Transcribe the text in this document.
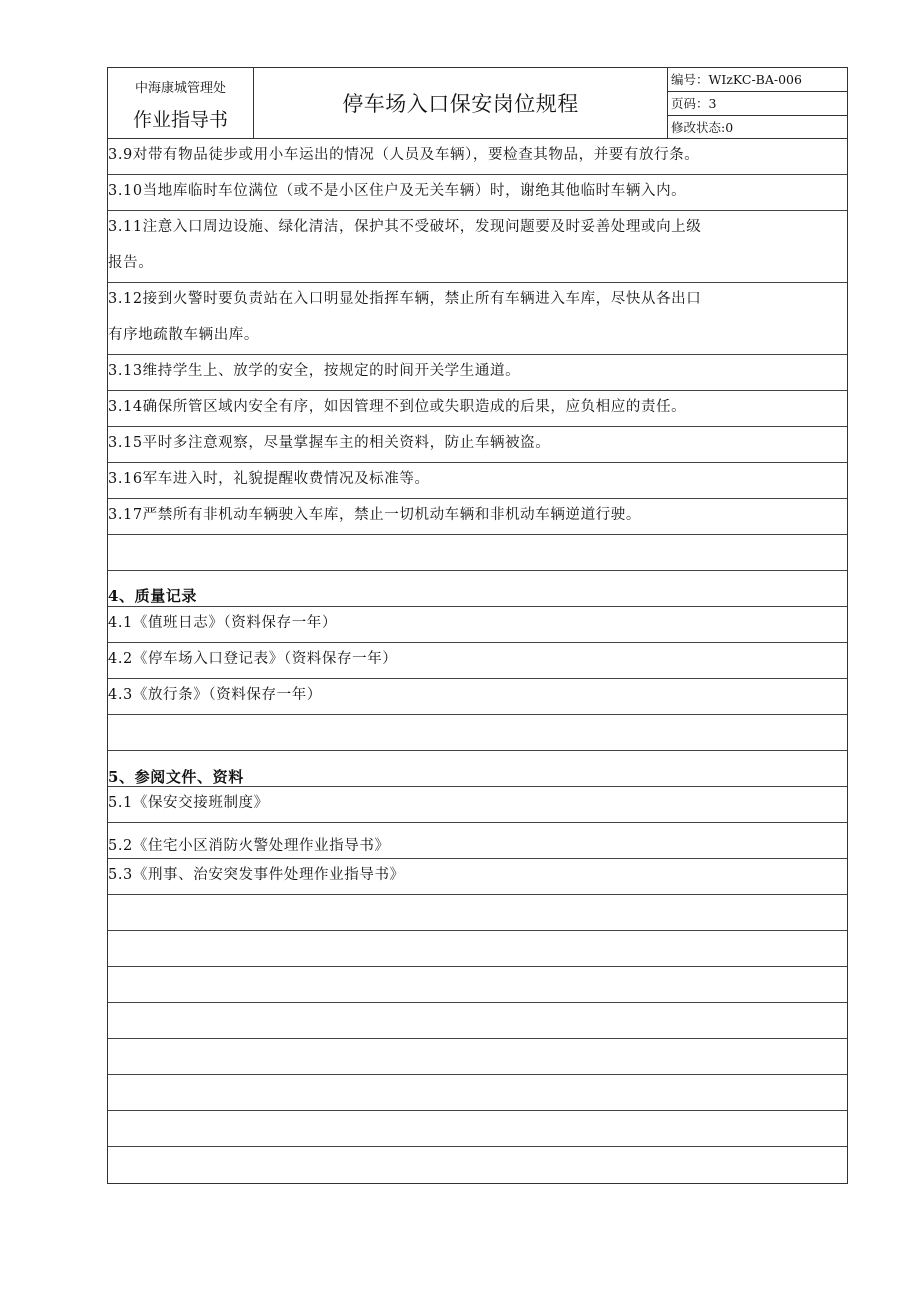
中海康城管理处
作业指导书
停车场入口保安岗位规程
编号：WIzKC-BA-006
页码：3
修改状态:0
3.9对带有物品徒步或用小车运出的情况（人员及车辆），要检查其物品，并要有放行条。
3.10当地库临时车位满位（或不是小区住户及无关车辆）时，谢绝其他临时车辆入内。
3.11注意入口周边设施、绿化清洁，保护其不受破坏，发现问题要及时妥善处理或向上级
报告。
3.12接到火警时要负责站在入口明显处指挥车辆，禁止所有车辆进入车库，尽快从各出口
有序地疏散车辆出库。
3.13维持学生上、放学的安全，按规定的时间开关学生通道。
3.14确保所管区域内安全有序，如因管理不到位或失职造成的后果，应负相应的责任。
3.15平时多注意观察，尽量掌握车主的相关资料，防止车辆被盗。
3.16军车进入时，礼貌提醒收费情况及标准等。
3.17严禁所有非机动车辆驶入车库，禁止一切机动车辆和非机动车辆逆道行驶。
4、质量记录
4.1《值班日志》（资料保存一年）
4.2《停车场入口登记表》（资料保存一年）
4.3《放行条》（资料保存一年）
5、参阅文件、资料
5.1《保安交接班制度》
5.2《住宅小区消防火警处理作业指导书》
5.3《刑事、治安突发事件处理作业指导书》
